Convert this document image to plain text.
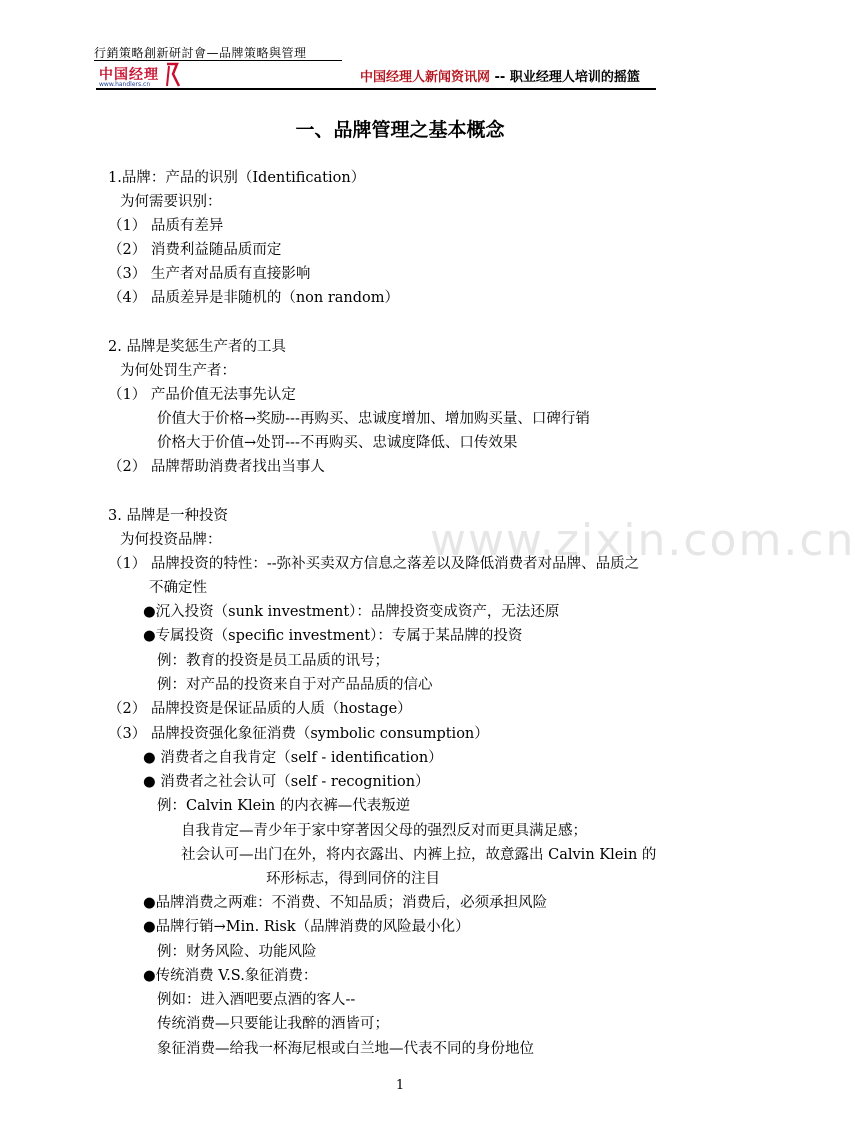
行銷策略創新研討會—品牌策略與管理
中国经理
www.handlers.cn	中国经理人新闻资讯网 -- 职业经理人培训的摇篮
www.zixin.com.cn
一、品牌管理之基本概念
1.品牌：产品的识别（Identification）
为何需要识别：
（1） 品质有差异
（2） 消费利益随品质而定
（3） 生产者对品质有直接影响
（4） 品质差异是非随机的（non random）
2. 品牌是奖惩生产者的工具
为何处罚生产者：
（1） 产品价值无法事先认定
价值大于价格→奖励---再购买、忠诚度增加、增加购买量、口碑行销
价格大于价值→处罚---不再购买、忠诚度降低、口传效果
（2） 品牌帮助消费者找出当事人
3. 品牌是一种投资
为何投资品牌：
（1） 品牌投资的特性：--弥补买卖双方信息之落差以及降低消费者对品牌、品质之
不确定性
●沉入投资（sunk investment）：品牌投资变成资产，无法还原
●专属投资（specific investment）：专属于某品牌的投资
例：教育的投资是员工品质的讯号；
例：对产品的投资来自于对产品品质的信心
（2） 品牌投资是保证品质的人质（hostage）
（3） 品牌投资强化象征消费（symbolic consumption）
● 消费者之自我肯定（self - identification）
● 消费者之社会认可（self - recognition）
例：Calvin Klein 的内衣裤—代表叛逆
自我肯定—青少年于家中穿著因父母的强烈反对而更具满足感；
社会认可—出门在外，将内衣露出、内裤上拉，故意露出 Calvin Klein 的
环形标志，得到同侪的注目
●品牌消费之两难：不消费、不知品质；消费后，必须承担风险
●品牌行销→Min. Risk（品牌消费的风险最小化）
例：财务风险、功能风险
●传统消费 V.S.象征消费：
例如：进入酒吧要点酒的客人--
传统消费—只要能让我醉的酒皆可；
象征消费—给我一杯海尼根或白兰地—代表不同的身份地位
1
